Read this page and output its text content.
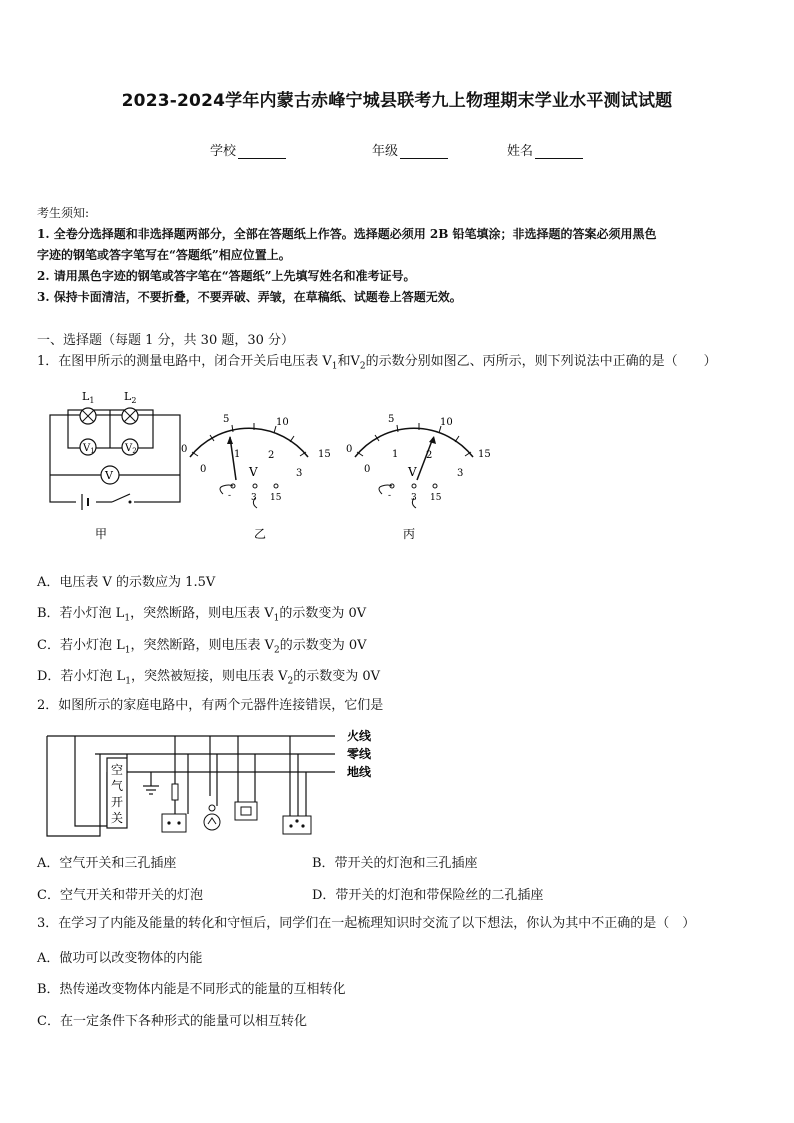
2023-2024学年内蒙古赤峰宁城县联考九上物理期末学业水平测试试题
学校	年级	姓名
考生须知:
1. 全卷分选择题和非选择题两部分，全部在答题纸上作答。选择题必须用 2B 铅笔填涂；非选择题的答案必须用黑色
字迹的钢笔或答字笔写在“答题纸”相应位置上。
2. 请用黑色字迹的钢笔或答字笔在“答题纸”上先填写姓名和准考证号。
3. 保持卡面清洁，不要折叠，不要弄破、弄皱，在草稿纸、试题卷上答题无效。
一、选择题（每题 1 分，共 30 题，30 分）
1．在图甲所示的测量电路中，闭合开关后电压表 $V_1$和$V_2$的示数分别如图乙、丙所示，则下列说法中正确的是（　　）
$L_1$	$L_2$
$V_1$	$V_2$
V
甲
0
5	10
15
0
1	2
3
V
- 3 15
乙
0
5	10
15
0
1	2
3
V
- 3 15
丙
A．电压表 V 的示数应为 1.5V
B．若小灯泡 $L_1$，突然断路，则电压表 $V_1$的示数变为 0V
C．若小灯泡 $L_1$，突然断路，则电压表 $V_2$的示数变为 0V
D．若小灯泡 $L_1$，突然被短接，则电压表 $V_2$的示数变为 0V
2．如图所示的家庭电路中，有两个元器件连接错误，它们是
火线
零线
地线
空
气
开
关
A．空气开关和三孔插座	B．带开关的灯泡和三孔插座
C．空气开关和带开关的灯泡	D．带开关的灯泡和带保险丝的二孔插座
3．在学习了内能及能量的转化和守恒后，同学们在一起梳理知识时交流了以下想法，你认为其中不正确的是（　）
A．做功可以改变物体的内能
B．热传递改变物体内能是不同形式的能量的互相转化
C．在一定条件下各种形式的能量可以相互转化
